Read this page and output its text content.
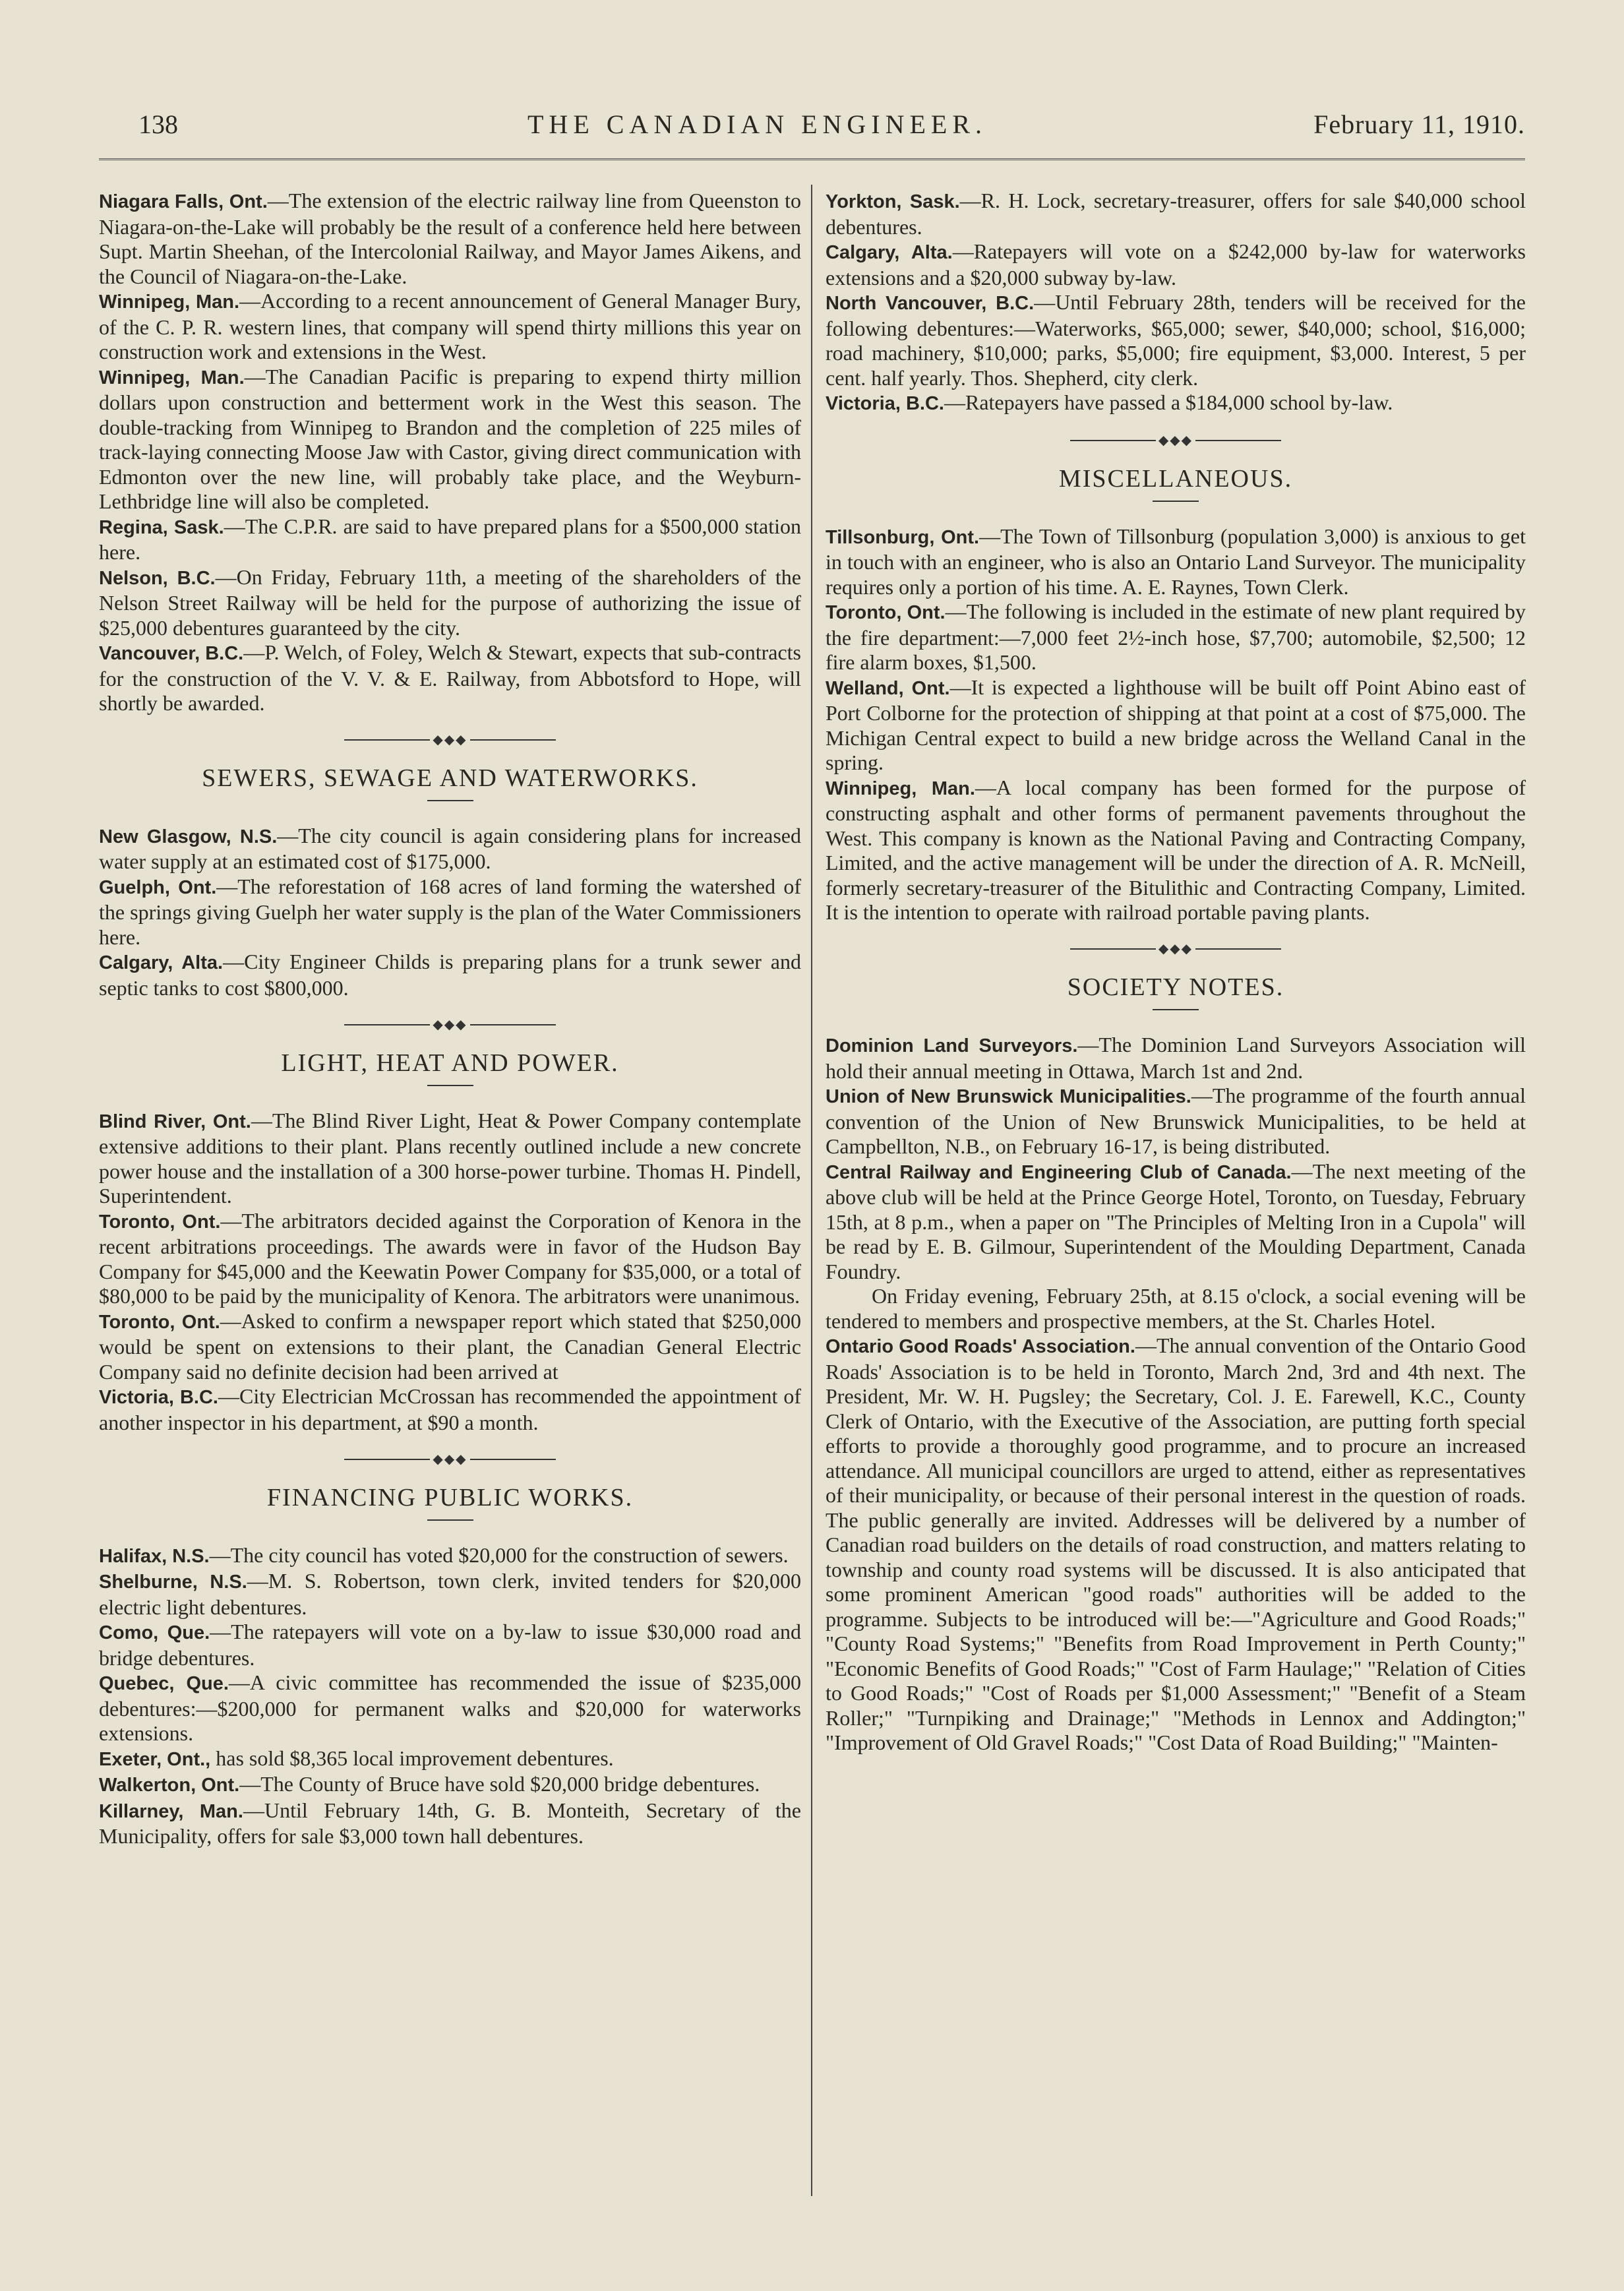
138	THE CANADIAN ENGINEER.	February 11, 1910.

Niagara Falls, Ont.—The extension of the electric railway line from Queenston to Niagara-on-the-Lake will probably be the result of a conference held here between Supt. Martin Sheehan, of the Intercolonial Railway, and Mayor James Aikens, and the Council of Niagara-on-the-Lake.

Winnipeg, Man.—According to a recent announcement of General Manager Bury, of the C. P. R. western lines, that company will spend thirty millions this year on construction work and extensions in the West.

Winnipeg, Man.—The Canadian Pacific is preparing to expend thirty million dollars upon construction and betterment work in the West this season. The double-tracking from Winnipeg to Brandon and the completion of 225 miles of track-laying connecting Moose Jaw with Castor, giving direct communication with Edmonton over the new line, will probably take place, and the Weyburn-Lethbridge line will also be completed.

Regina, Sask.—The C.P.R. are said to have prepared plans for a $500,000 station here.

Nelson, B.C.—On Friday, February 11th, a meeting of the shareholders of the Nelson Street Railway will be held for the purpose of authorizing the issue of $25,000 debentures guaranteed by the city.

Vancouver, B.C.—P. Welch, of Foley, Welch & Stewart, expects that sub-contracts for the construction of the V. V. & E. Railway, from Abbotsford to Hope, will shortly be awarded.

◆◆◆
SEWERS, SEWAGE AND WATERWORKS.

New Glasgow, N.S.—The city council is again considering plans for increased water supply at an estimated cost of $175,000.

Guelph, Ont.—The reforestation of 168 acres of land forming the watershed of the springs giving Guelph her water supply is the plan of the Water Commissioners here.

Calgary, Alta.—City Engineer Childs is preparing plans for a trunk sewer and septic tanks to cost $800,000.

◆◆◆
LIGHT, HEAT AND POWER.

Blind River, Ont.—The Blind River Light, Heat & Power Company contemplate extensive additions to their plant. Plans recently outlined include a new concrete power house and the installation of a 300 horse-power turbine. Thomas H. Pindell, Superintendent.

Toronto, Ont.—The arbitrators decided against the Corporation of Kenora in the recent arbitrations proceedings. The awards were in favor of the Hudson Bay Company for $45,000 and the Keewatin Power Company for $35,000, or a total of $80,000 to be paid by the municipality of Kenora. The arbitrators were unanimous.

Toronto, Ont.—Asked to confirm a newspaper report which stated that $250,000 would be spent on extensions to their plant, the Canadian General Electric Company said no definite decision had been arrived at

Victoria, B.C.—City Electrician McCrossan has recommended the appointment of another inspector in his department, at $90 a month.

◆◆◆
FINANCING PUBLIC WORKS.

Halifax, N.S.—The city council has voted $20,000 for the construction of sewers.

Shelburne, N.S.—M. S. Robertson, town clerk, invited tenders for $20,000 electric light debentures.

Como, Que.—The ratepayers will vote on a by-law to issue $30,000 road and bridge debentures.

Quebec, Que.—A civic committee has recommended the issue of $235,000 debentures:—$200,000 for permanent walks and $20,000 for waterworks extensions.

Exeter, Ont., has sold $8,365 local improvement debentures.

Walkerton, Ont.—The County of Bruce have sold $20,000 bridge debentures.

Killarney, Man.—Until February 14th, G. B. Monteith, Secretary of the Municipality, offers for sale $3,000 town hall debentures.

Yorkton, Sask.—R. H. Lock, secretary-treasurer, offers for sale $40,000 school debentures.

Calgary, Alta.—Ratepayers will vote on a $242,000 by-law for waterworks extensions and a $20,000 subway by-law.

North Vancouver, B.C.—Until February 28th, tenders will be received for the following debentures:—Waterworks, $65,000; sewer, $40,000; school, $16,000; road machinery, $10,000; parks, $5,000; fire equipment, $3,000. Interest, 5 per cent. half yearly. Thos. Shepherd, city clerk.

Victoria, B.C.—Ratepayers have passed a $184,000 school by-law.

◆◆◆
MISCELLANEOUS.

Tillsonburg, Ont.—The Town of Tillsonburg (population 3,000) is anxious to get in touch with an engineer, who is also an Ontario Land Surveyor. The municipality requires only a portion of his time. A. E. Raynes, Town Clerk.

Toronto, Ont.—The following is included in the estimate of new plant required by the fire department:—7,000 feet 2½-inch hose, $7,700; automobile, $2,500; 12 fire alarm boxes, $1,500.

Welland, Ont.—It is expected a lighthouse will be built off Point Abino east of Port Colborne for the protection of shipping at that point at a cost of $75,000. The Michigan Central expect to build a new bridge across the Welland Canal in the spring.

Winnipeg, Man.—A local company has been formed for the purpose of constructing asphalt and other forms of permanent pavements throughout the West. This company is known as the National Paving and Contracting Company, Limited, and the active management will be under the direction of A. R. McNeill, formerly secretary-treasurer of the Bitulithic and Contracting Company, Limited. It is the intention to operate with railroad portable paving plants.

◆◆◆
SOCIETY NOTES.

Dominion Land Surveyors.—The Dominion Land Surveyors Association will hold their annual meeting in Ottawa, March 1st and 2nd.

Union of New Brunswick Municipalities.—The programme of the fourth annual convention of the Union of New Brunswick Municipalities, to be held at Campbellton, N.B., on February 16-17, is being distributed.

Central Railway and Engineering Club of Canada.—The next meeting of the above club will be held at the Prince George Hotel, Toronto, on Tuesday, February 15th, at 8 p.m., when a paper on "The Principles of Melting Iron in a Cupola" will be read by E. B. Gilmour, Superintendent of the Moulding Department, Canada Foundry.

On Friday evening, February 25th, at 8.15 o'clock, a social evening will be tendered to members and prospective members, at the St. Charles Hotel.

Ontario Good Roads' Association.—The annual convention of the Ontario Good Roads' Association is to be held in Toronto, March 2nd, 3rd and 4th next. The President, Mr. W. H. Pugsley; the Secretary, Col. J. E. Farewell, K.C., County Clerk of Ontario, with the Executive of the Association, are putting forth special efforts to provide a thoroughly good programme, and to procure an increased attendance. All municipal councillors are urged to attend, either as representatives of their municipality, or because of their personal interest in the question of roads. The public generally are invited. Addresses will be delivered by a number of Canadian road builders on the details of road construction, and matters relating to township and county road systems will be discussed. It is also anticipated that some prominent American "good roads" authorities will be added to the programme. Subjects to be introduced will be:—"Agriculture and Good Roads;" "County Road Systems;" "Benefits from Road Improvement in Perth County;" "Economic Benefits of Good Roads;" "Cost of Farm Haulage;" "Relation of Cities to Good Roads;" "Cost of Roads per $1,000 Assessment;" "Benefit of a Steam Roller;" "Turnpiking and Drainage;" "Methods in Lennox and Addington;" "Improvement of Old Gravel Roads;" "Cost Data of Road Building;" "Mainten-
